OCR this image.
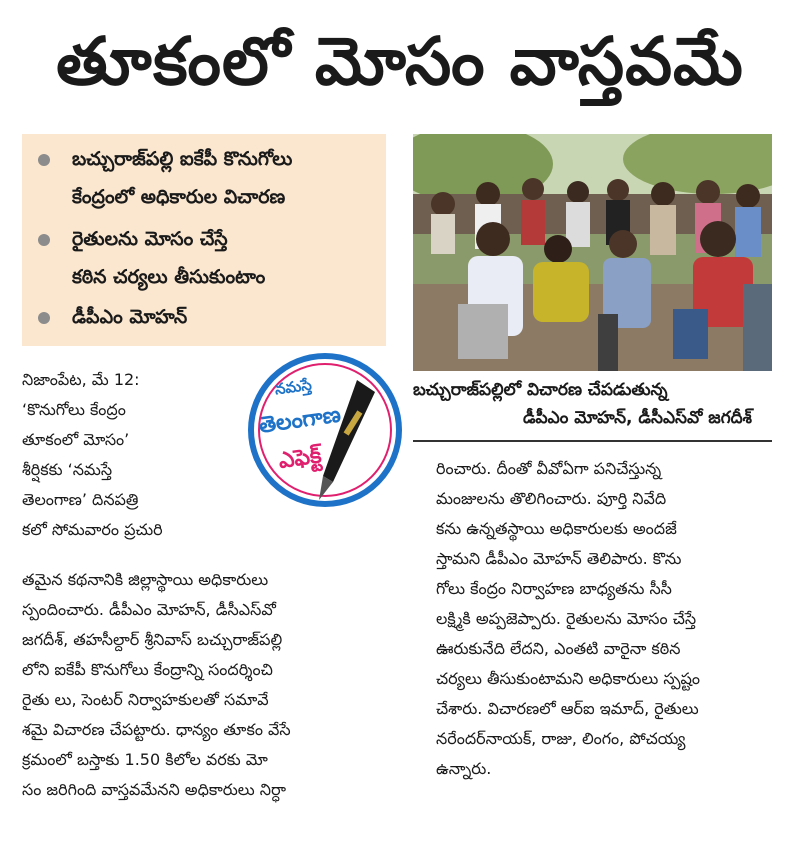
తూకంలో మోసం వాస్తవమే
బచ్చురాజ్‌పల్లి ఐకేపీ కొనుగోలు
కేంద్రంలో అధికారుల విచారణ
రైతులను మోసం చేస్తే
కఠిన చర్యలు తీసుకుంటాం
డీపీఎం మోహన్
బచ్చురాజ్‌పల్లిలో విచారణ చేపడుతున్న
డీపీఎం మోహన్, డీసీఎస్‌వో జగదీశ్
నమస్తే
తెలంగాణ
ఎఫెక్ట్
నిజాంపేట, మే 12:
‘కొనుగోలు కేంద్రం
తూకంలో మోసం’
శీర్షికకు ‘నమస్తే
తెలంగాణ’ దినపత్రి
కలో సోమవారం ప్రచురి
తమైన కథనానికి జిల్లాస్థాయి అధికారులు
స్పందించారు. డీపీఎం మోహన్, డీసీఎస్‌వో
జగదీశ్, తహసీల్దార్ శ్రీనివాస్ బచ్చురాజ్‌పల్లి
లోని ఐకేపీ కొనుగోలు కేంద్రాన్ని సందర్శించి
రైతు లు, సెంటర్ నిర్వాహకులతో సమావే
శమై విచారణ చేపట్టారు. ధాన్యం తూకం వేసే
క్రమంలో బస్తాకు 1.50 కిలోల వరకు మో
సం జరిగింది వాస్తవమేనని అధికారులు నిర్ధా
రించారు. దీంతో వీవోఏగా పనిచేస్తున్న
మంజులను తొలిగించారు. పూర్తి నివేది
కను ఉన్నతస్థాయి అధికారులకు అందజే
స్తామని డీపీఎం మోహన్ తెలిపారు. కొను
గోలు కేంద్రం నిర్వాహణ బాధ్యతను సీసీ
లక్ష్మికి అప్పజెప్పారు. రైతులను మోసం చేస్తే
ఊరుకునేది లేదని, ఎంతటి వారైనా కఠిన
చర్యలు తీసుకుంటామని అధికారులు స్పష్టం
చేశారు. విచారణలో ఆర్ఐ ఇమాద్, రైతులు
నరేందర్‌నాయక్, రాజు, లింగం, పోచయ్య
ఉన్నారు.
